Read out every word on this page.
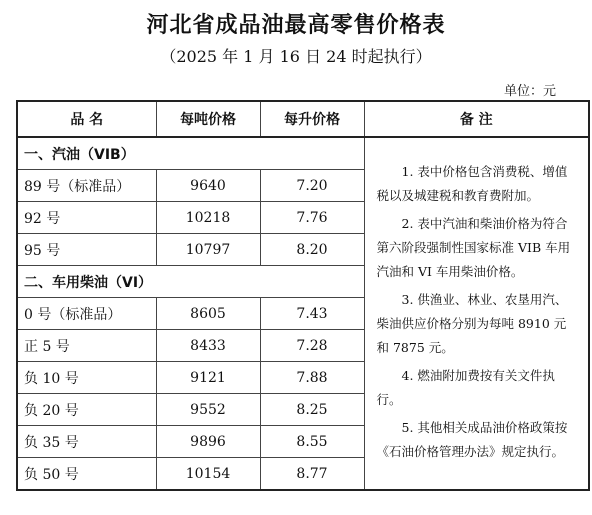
河北省成品油最高零售价格表
（2025 年 1 月 16 日 24 时起执行）
单位：元
品 名	每吨价格	每升价格	备 注
一、汽油（VIB）			1. 表中价格包含消费税、增值税以及城建税和教育费附加。

2. 表中汽油和柴油价格为符合第六阶段强制性国家标准 VIB 车用汽油和 VI 车用柴油价格。

3. 供渔业、林业、农垦用汽、柴油供应价格分别为每吨 8910 元和 7875 元。

4. 燃油附加费按有关文件执行。

5. 其他相关成品油价格政策按《石油价格管理办法》规定执行。

89 号（标准品）	9640	7.20	
92 号	10218	7.76	
95 号	10797	8.20	
二、车用柴油（VI）			
0 号（标准品）	8605	7.43	
正 5 号	8433	7.28	
负 10 号	9121	7.88	
负 20 号	9552	8.25	
负 35 号	9896	8.55	
负 50 号	10154	8.77	
